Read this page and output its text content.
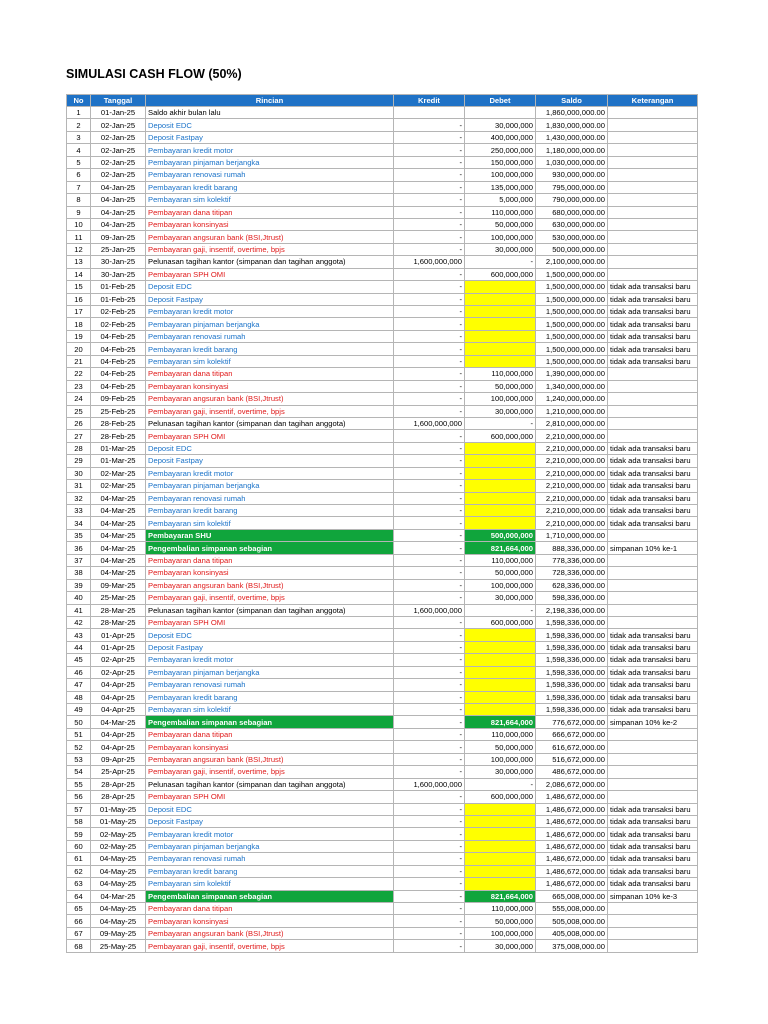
SIMULASI CASH FLOW (50%)
No	Tanggal	Rincian	Kredit	Debet	Saldo	Keterangan
1	01-Jan-25	Saldo akhir bulan lalu			1,860,000,000.00	
2	02-Jan-25	Deposit EDC	-	30,000,000	1,830,000,000.00	
3	02-Jan-25	Deposit Fastpay	-	400,000,000	1,430,000,000.00	
4	02-Jan-25	Pembayaran kredit motor	-	250,000,000	1,180,000,000.00	
5	02-Jan-25	Pembayaran pinjaman berjangka	-	150,000,000	1,030,000,000.00	
6	02-Jan-25	Pembayaran renovasi rumah	-	100,000,000	930,000,000.00	
7	04-Jan-25	Pembayaran kredit barang	-	135,000,000	795,000,000.00	
8	04-Jan-25	Pembayaran sim kolektif	-	5,000,000	790,000,000.00	
9	04-Jan-25	Pembayaran dana titipan	-	110,000,000	680,000,000.00	
10	04-Jan-25	Pembayaran konsinyasi	-	50,000,000	630,000,000.00	
11	09-Jan-25	Pembayaran angsuran bank (BSI,Jtrust)	-	100,000,000	530,000,000.00	
12	25-Jan-25	Pembayaran gaji, insentif, overtime, bpjs	-	30,000,000	500,000,000.00	
13	30-Jan-25	Pelunasan tagihan kantor (simpanan dan tagihan anggota)	1,600,000,000	-	2,100,000,000.00	
14	30-Jan-25	Pembayaran SPH OMI	-	600,000,000	1,500,000,000.00	
15	01-Feb-25	Deposit EDC	-		1,500,000,000.00	tidak ada transaksi baru
16	01-Feb-25	Deposit Fastpay	-		1,500,000,000.00	tidak ada transaksi baru
17	02-Feb-25	Pembayaran kredit motor	-		1,500,000,000.00	tidak ada transaksi baru
18	02-Feb-25	Pembayaran pinjaman berjangka	-		1,500,000,000.00	tidak ada transaksi baru
19	04-Feb-25	Pembayaran renovasi rumah	-		1,500,000,000.00	tidak ada transaksi baru
20	04-Feb-25	Pembayaran kredit barang	-		1,500,000,000.00	tidak ada transaksi baru
21	04-Feb-25	Pembayaran sim kolektif	-		1,500,000,000.00	tidak ada transaksi baru
22	04-Feb-25	Pembayaran dana titipan	-	110,000,000	1,390,000,000.00	
23	04-Feb-25	Pembayaran konsinyasi	-	50,000,000	1,340,000,000.00	
24	09-Feb-25	Pembayaran angsuran bank (BSI,Jtrust)	-	100,000,000	1,240,000,000.00	
25	25-Feb-25	Pembayaran gaji, insentif, overtime, bpjs	-	30,000,000	1,210,000,000.00	
26	28-Feb-25	Pelunasan tagihan kantor (simpanan dan tagihan anggota)	1,600,000,000	-	2,810,000,000.00	
27	28-Feb-25	Pembayaran SPH OMI	-	600,000,000	2,210,000,000.00	
28	01-Mar-25	Deposit EDC	-		2,210,000,000.00	tidak ada transaksi baru
29	01-Mar-25	Deposit Fastpay	-		2,210,000,000.00	tidak ada transaksi baru
30	02-Mar-25	Pembayaran kredit motor	-		2,210,000,000.00	tidak ada transaksi baru
31	02-Mar-25	Pembayaran pinjaman berjangka	-		2,210,000,000.00	tidak ada transaksi baru
32	04-Mar-25	Pembayaran renovasi rumah	-		2,210,000,000.00	tidak ada transaksi baru
33	04-Mar-25	Pembayaran kredit barang	-		2,210,000,000.00	tidak ada transaksi baru
34	04-Mar-25	Pembayaran sim kolektif	-		2,210,000,000.00	tidak ada transaksi baru
35	04-Mar-25	Pembayaran SHU	-	500,000,000	1,710,000,000.00	
36	04-Mar-25	Pengembalian simpanan sebagian	-	821,664,000	888,336,000.00	simpanan 10% ke-1
37	04-Mar-25	Pembayaran dana titipan	-	110,000,000	778,336,000.00	
38	04-Mar-25	Pembayaran konsinyasi	-	50,000,000	728,336,000.00	
39	09-Mar-25	Pembayaran angsuran bank (BSI,Jtrust)	-	100,000,000	628,336,000.00	
40	25-Mar-25	Pembayaran gaji, insentif, overtime, bpjs	-	30,000,000	598,336,000.00	
41	28-Mar-25	Pelunasan tagihan kantor (simpanan dan tagihan anggota)	1,600,000,000	-	2,198,336,000.00	
42	28-Mar-25	Pembayaran SPH OMI	-	600,000,000	1,598,336,000.00	
43	01-Apr-25	Deposit EDC	-		1,598,336,000.00	tidak ada transaksi baru
44	01-Apr-25	Deposit Fastpay	-		1,598,336,000.00	tidak ada transaksi baru
45	02-Apr-25	Pembayaran kredit motor	-		1,598,336,000.00	tidak ada transaksi baru
46	02-Apr-25	Pembayaran pinjaman berjangka	-		1,598,336,000.00	tidak ada transaksi baru
47	04-Apr-25	Pembayaran renovasi rumah	-		1,598,336,000.00	tidak ada transaksi baru
48	04-Apr-25	Pembayaran kredit barang	-		1,598,336,000.00	tidak ada transaksi baru
49	04-Apr-25	Pembayaran sim kolektif	-		1,598,336,000.00	tidak ada transaksi baru
50	04-Mar-25	Pengembalian simpanan sebagian	-	821,664,000	776,672,000.00	simpanan 10% ke-2
51	04-Apr-25	Pembayaran dana titipan	-	110,000,000	666,672,000.00	
52	04-Apr-25	Pembayaran konsinyasi	-	50,000,000	616,672,000.00	
53	09-Apr-25	Pembayaran angsuran bank (BSI,Jtrust)	-	100,000,000	516,672,000.00	
54	25-Apr-25	Pembayaran gaji, insentif, overtime, bpjs	-	30,000,000	486,672,000.00	
55	28-Apr-25	Pelunasan tagihan kantor (simpanan dan tagihan anggota)	1,600,000,000	-	2,086,672,000.00	
56	28-Apr-25	Pembayaran SPH OMI	-	600,000,000	1,486,672,000.00	
57	01-May-25	Deposit EDC	-		1,486,672,000.00	tidak ada transaksi baru
58	01-May-25	Deposit Fastpay	-		1,486,672,000.00	tidak ada transaksi baru
59	02-May-25	Pembayaran kredit motor	-		1,486,672,000.00	tidak ada transaksi baru
60	02-May-25	Pembayaran pinjaman berjangka	-		1,486,672,000.00	tidak ada transaksi baru
61	04-May-25	Pembayaran renovasi rumah	-		1,486,672,000.00	tidak ada transaksi baru
62	04-May-25	Pembayaran kredit barang	-		1,486,672,000.00	tidak ada transaksi baru
63	04-May-25	Pembayaran sim kolektif	-		1,486,672,000.00	tidak ada transaksi baru
64	04-Mar-25	Pengembalian simpanan sebagian	-	821,664,000	665,008,000.00	simpanan 10% ke-3
65	04-May-25	Pembayaran dana titipan	-	110,000,000	555,008,000.00	
66	04-May-25	Pembayaran konsinyasi	-	50,000,000	505,008,000.00	
67	09-May-25	Pembayaran angsuran bank (BSI,Jtrust)	-	100,000,000	405,008,000.00	
68	25-May-25	Pembayaran gaji, insentif, overtime, bpjs	-	30,000,000	375,008,000.00	
